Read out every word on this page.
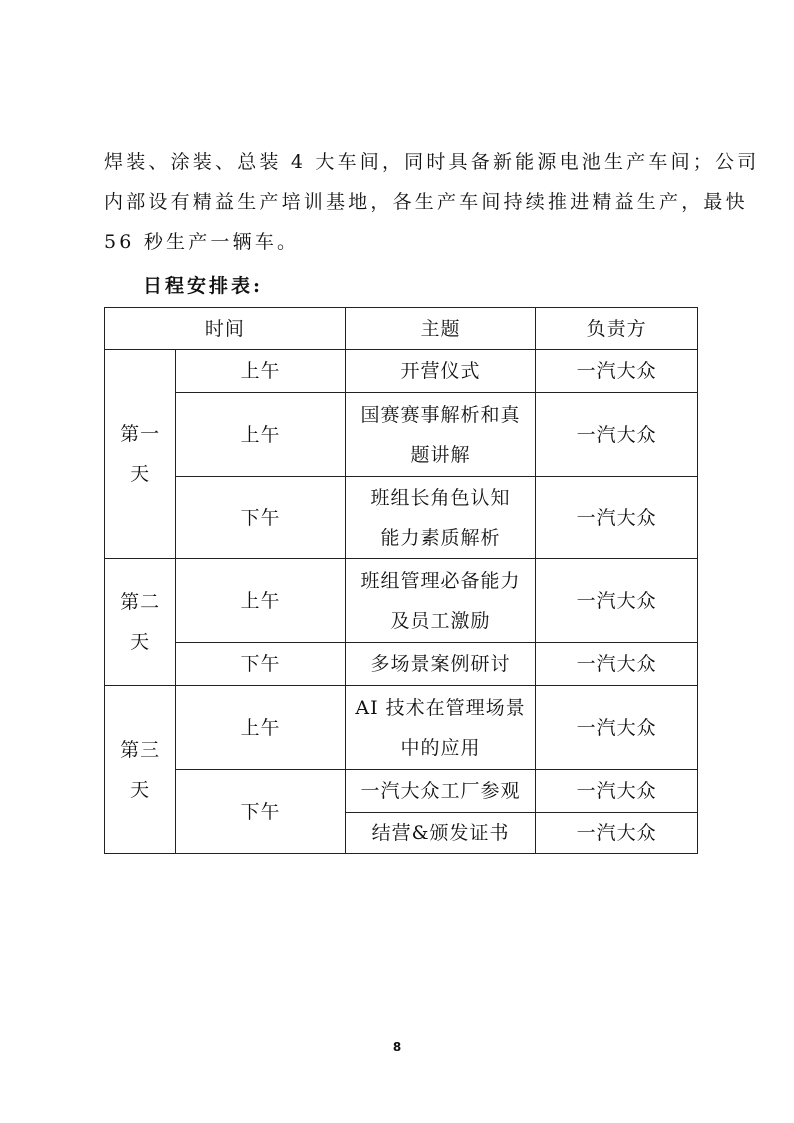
焊装、涂装、总装 4 大车间，同时具备新能源电池生产车间；公司
内部设有精益生产培训基地，各生产车间持续推进精益生产，最快
56 秒生产一辆车。
日程安排表:
时间		主题	负责方
第一天	上午	开营仪式	一汽大众
	上午	国赛赛事解析和真
题讲解	一汽大众
	下午	班组长角色认知
能力素质解析	一汽大众
第二天	上午	班组管理必备能力
及员工激励	一汽大众
	下午	多场景案例研讨	一汽大众
第三天	上午	AI 技术在管理场景
中的应用	一汽大众
	下午	一汽大众工厂参观	一汽大众

		结营&颁发证书	一汽大众
8
